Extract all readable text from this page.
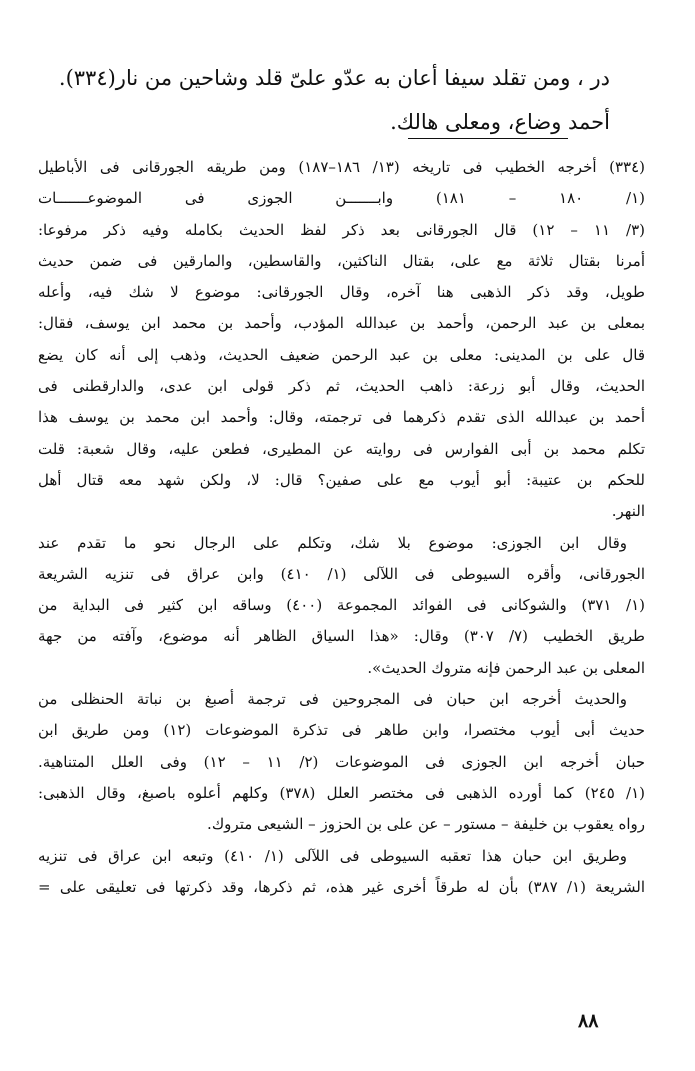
در ، ومن تقلد سيفا أعان به عدّو علىّ قلد وشاحين من نار(٣٣٤).
أحمد وضاع، ومعلى هالك.
(٣٣٤) أخرجه الخطيب فى تاريخه (١٣/ ١٨٦–١٨٧) ومن طريقه الجورقانى فى الأباطيل
(١/ ١٨٠ – ١٨١) وابـــــــن الجوزى فى الموضوعـــــــات
(٣/ ١١ – ١٢) قال الجورقانى بعد ذكر لفظ الحديث بكامله وفيه ذكر مرفوعا:
أمرنا بقتال ثلاثة مع على، بقتال الناكثين، والقاسطين، والمارقين فى ضمن حديث
طويل، وقد ذكر الذهبى هنا آخره، وقال الجورقانى: موضوع لا شك فيه، وأعله
بمعلى بن عبد الرحمن، وأحمد بن عبدالله المؤدب، وأحمد بن محمد ابن يوسف، فقال:
قال على بن المدينى: معلى بن عبد الرحمن ضعيف الحديث، وذهب إلى أنه كان يضع
الحديث، وقال أبو زرعة: ذاهب الحديث، ثم ذكر قولى ابن عدى، والدارقطنى فى
أحمد بن عبدالله الذى تقدم ذكرهما فى ترجمته، وقال: وأحمد ابن محمد بن يوسف هذا
تكلم محمد بن أبى الفوارس فى روايته عن المطيرى، فطعن عليه، وقال شعبة: قلت
للحكم بن عتيبة: أبو أيوب مع على صفين؟ قال: لا، ولكن شهد معه قتال أهل
النهر.
وقال ابن الجوزى: موضوع بلا شك، وتكلم على الرجال نحو ما تقدم عند
الجورقانى، وأقره السيوطى فى اللآلى (١/ ٤١٠) وابن عراق فى تنزيه الشريعة
(١/ ٣٧١) والشوكانى فى الفوائد المجموعة (٤٠٠) وساقه ابن كثير فى البداية من
طريق الخطيب (٧/ ٣٠٧) وقال: «هذا السياق الظاهر أنه موضوع، وآفته من جهة
المعلى بن عبد الرحمن فإنه متروك الحديث».
والحديث أخرجه ابن حبان فى المجروحين فى ترجمة أصبغ بن نباتة الحنظلى من
حديث أبى أيوب مختصرا، وابن طاهر فى تذكرة الموضوعات (١٢) ومن طريق ابن
حبان أخرجه ابن الجوزى فى الموضوعات (٢/ ١١ – ١٢) وفى العلل المتناهية.
(١/ ٢٤٥) كما أورده الذهبى فى مختصر العلل (٣٧٨) وكلهم أعلوه باصبغ، وقال الذهبى:
رواه يعقوب بن خليفة – مستور – عن على بن الحزوز – الشيعى متروك.
وطريق ابن حبان هذا تعقبه السيوطى فى اللآلى (١/ ٤١٠) وتبعه ابن عراق فى تنزيه
الشريعة (١/ ٣٨٧) بأن له طرقاً أخرى غير هذه، ثم ذكرها، وقد ذكرتها فى تعليقى على =
٨٨
